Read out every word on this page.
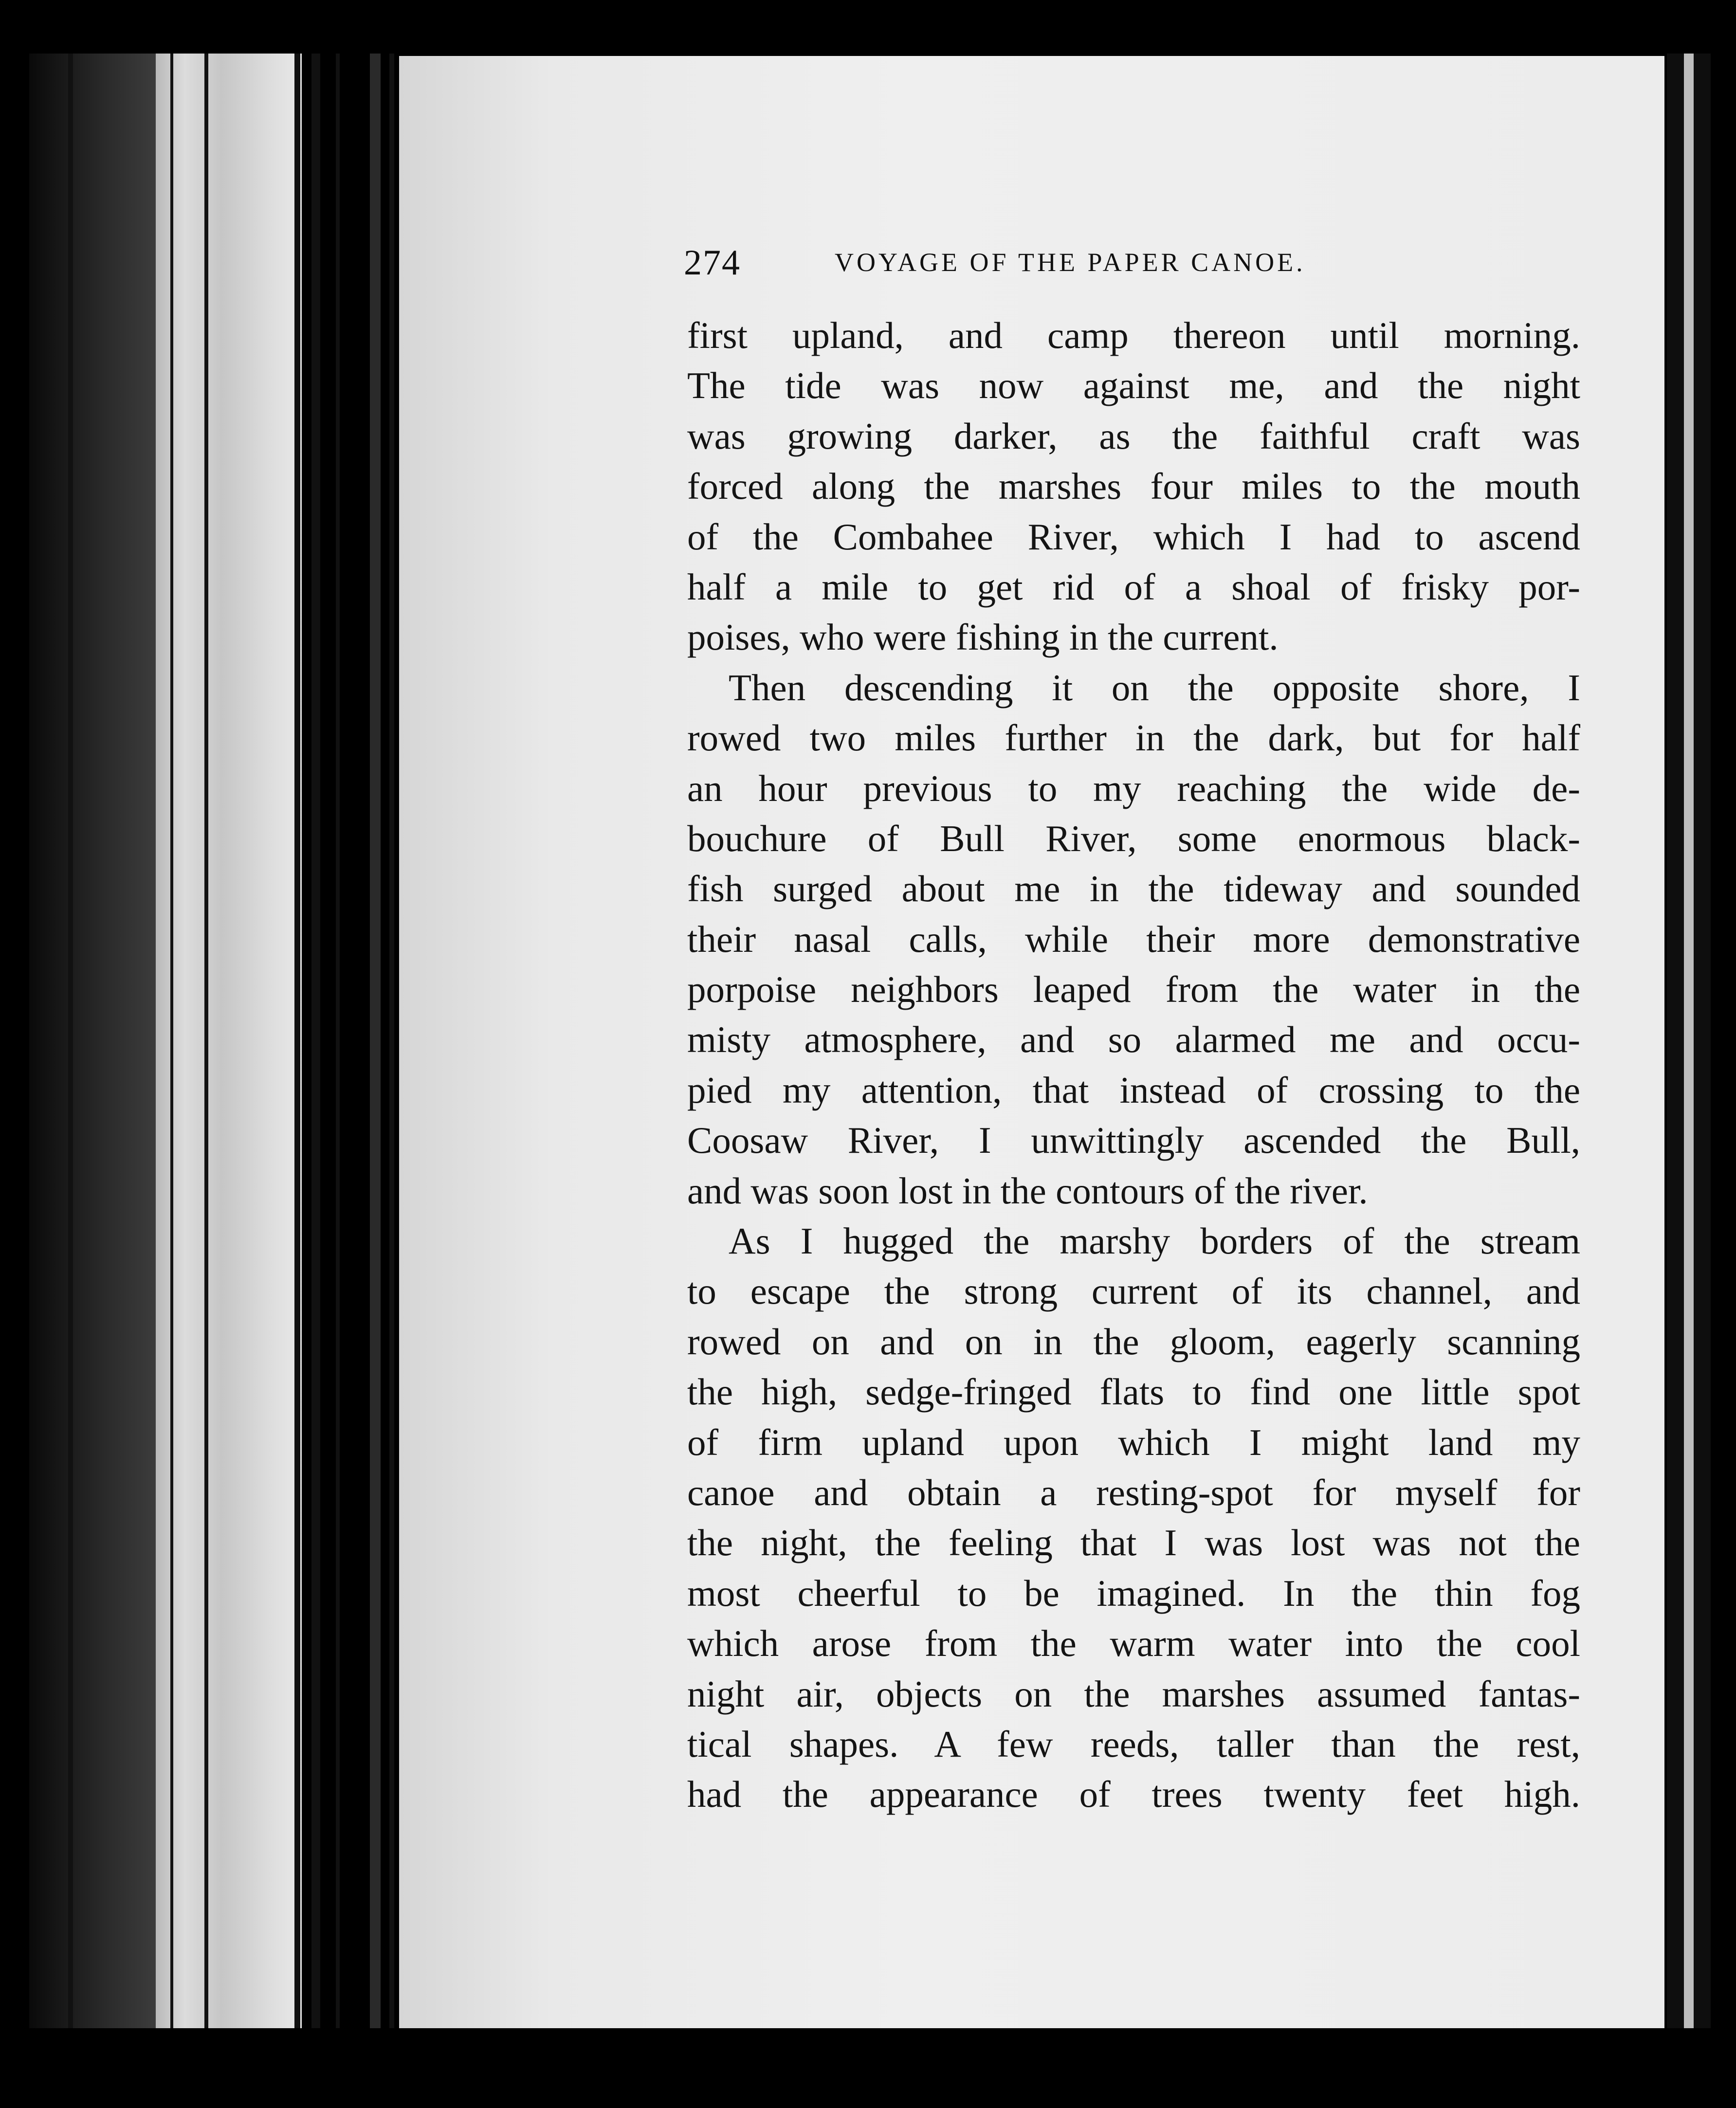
274	VOYAGE OF THE PAPER CANOE.
first upland, and camp thereon until morning.
The tide was now against me, and the night
was growing darker, as the faithful craft was
forced along the marshes four miles to the mouth
of the Combahee River, which I had to ascend
half a mile to get rid of a shoal of frisky por-
poises, who were fishing in the current.
Then descending it on the opposite shore, I
rowed two miles further in the dark, but for half
an hour previous to my reaching the wide de-
bouchure of Bull River, some enormous black-
fish surged about me in the tideway and sounded
their nasal calls, while their more demonstrative
porpoise neighbors leaped from the water in the
misty atmosphere, and so alarmed me and occu-
pied my attention, that instead of crossing to the
Coosaw River, I unwittingly ascended the Bull,
and was soon lost in the contours of the river.
As I hugged the marshy borders of the stream
to escape the strong current of its channel, and
rowed on and on in the gloom, eagerly scanning
the high, sedge-fringed flats to find one little spot
of firm upland upon which I might land my
canoe and obtain a resting-spot for myself for
the night, the feeling that I was lost was not the
most cheerful to be imagined. In the thin fog
which arose from the warm water into the cool
night air, objects on the marshes assumed fantas-
tical shapes. A few reeds, taller than the rest,
had the appearance of trees twenty feet high.
